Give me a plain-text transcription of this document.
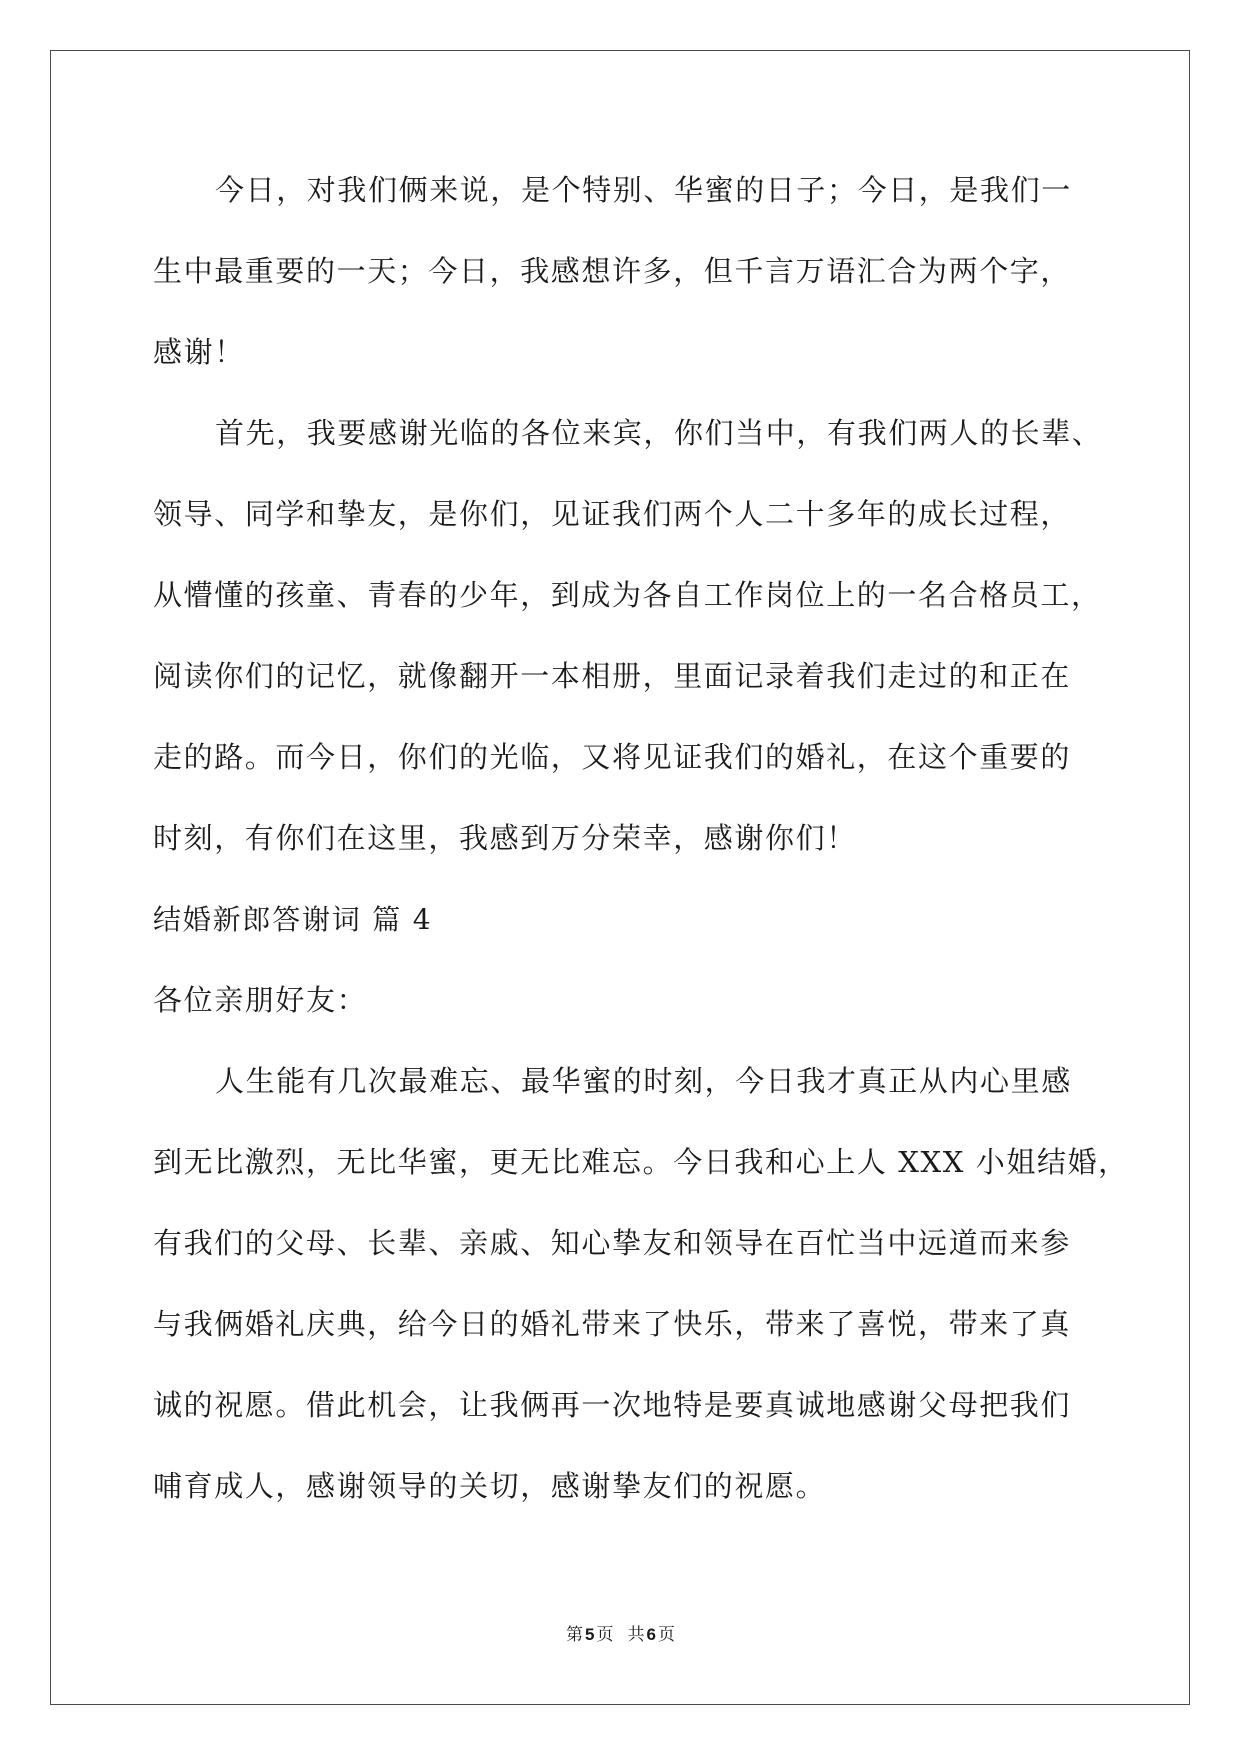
今日，对我们俩来说，是个特别、华蜜的日子；今日，是我们一
生中最重要的一天；今日，我感想许多，但千言万语汇合为两个字，
感谢！
首先，我要感谢光临的各位来宾，你们当中，有我们两人的长辈、
领导、同学和挚友，是你们，见证我们两个人二十多年的成长过程，
从懵懂的孩童、青春的少年，到成为各自工作岗位上的一名合格员工，
阅读你们的记忆，就像翻开一本相册，里面记录着我们走过的和正在
走的路。而今日，你们的光临，又将见证我们的婚礼，在这个重要的
时刻，有你们在这里，我感到万分荣幸，感谢你们！
结婚新郎答谢词 篇 4
各位亲朋好友：
人生能有几次最难忘、最华蜜的时刻，今日我才真正从内心里感
到无比激烈，无比华蜜，更无比难忘。今日我和心上人 XXX 小姐结婚，
有我们的父母、长辈、亲戚、知心挚友和领导在百忙当中远道而来参
与我俩婚礼庆典，给今日的婚礼带来了快乐，带来了喜悦，带来了真
诚的祝愿。借此机会，让我俩再一次地特是要真诚地感谢父母把我们
哺育成人，感谢领导的关切，感谢挚友们的祝愿。
第 5 页 共 6 页
